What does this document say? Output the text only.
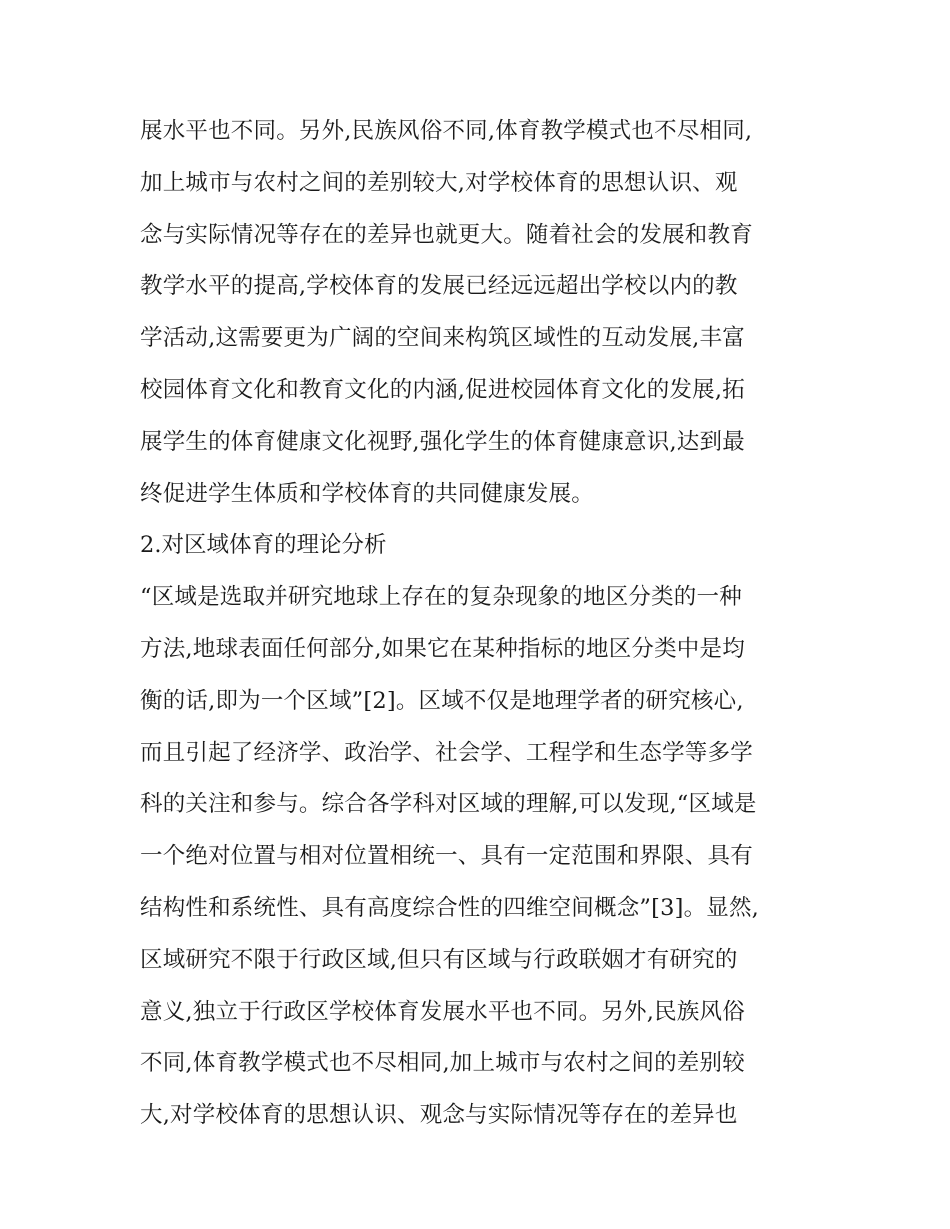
展水平也不同。另外,民族风俗不同,体育教学模式也不尽相同,
加上城市与农村之间的差别较大,对学校体育的思想认识、观
念与实际情况等存在的差异也就更大。随着社会的发展和教育
教学水平的提高,学校体育的发展已经远远超出学校以内的教
学活动,这需要更为广阔的空间来构筑区域性的互动发展,丰富
校园体育文化和教育文化的内涵,促进校园体育文化的发展,拓
展学生的体育健康文化视野,强化学生的体育健康意识,达到最
终促进学生体质和学校体育的共同健康发展。
2.对区域体育的理论分析
“区域是选取并研究地球上存在的复杂现象的地区分类的一种
方法,地球表面任何部分,如果它在某种指标的地区分类中是均
衡的话,即为一个区域”[2]。区域不仅是地理学者的研究核心,
而且引起了经济学、政治学、社会学、工程学和生态学等多学
科的关注和参与。综合各学科对区域的理解,可以发现,“区域是
一个绝对位置与相对位置相统一、具有一定范围和界限、具有
结构性和系统性、具有高度综合性的四维空间概念”[3]。显然,
区域研究不限于行政区域,但只有区域与行政联姻才有研究的
意义,独立于行政区学校体育发展水平也不同。另外,民族风俗
不同,体育教学模式也不尽相同,加上城市与农村之间的差别较
大,对学校体育的思想认识、观念与实际情况等存在的差异也
